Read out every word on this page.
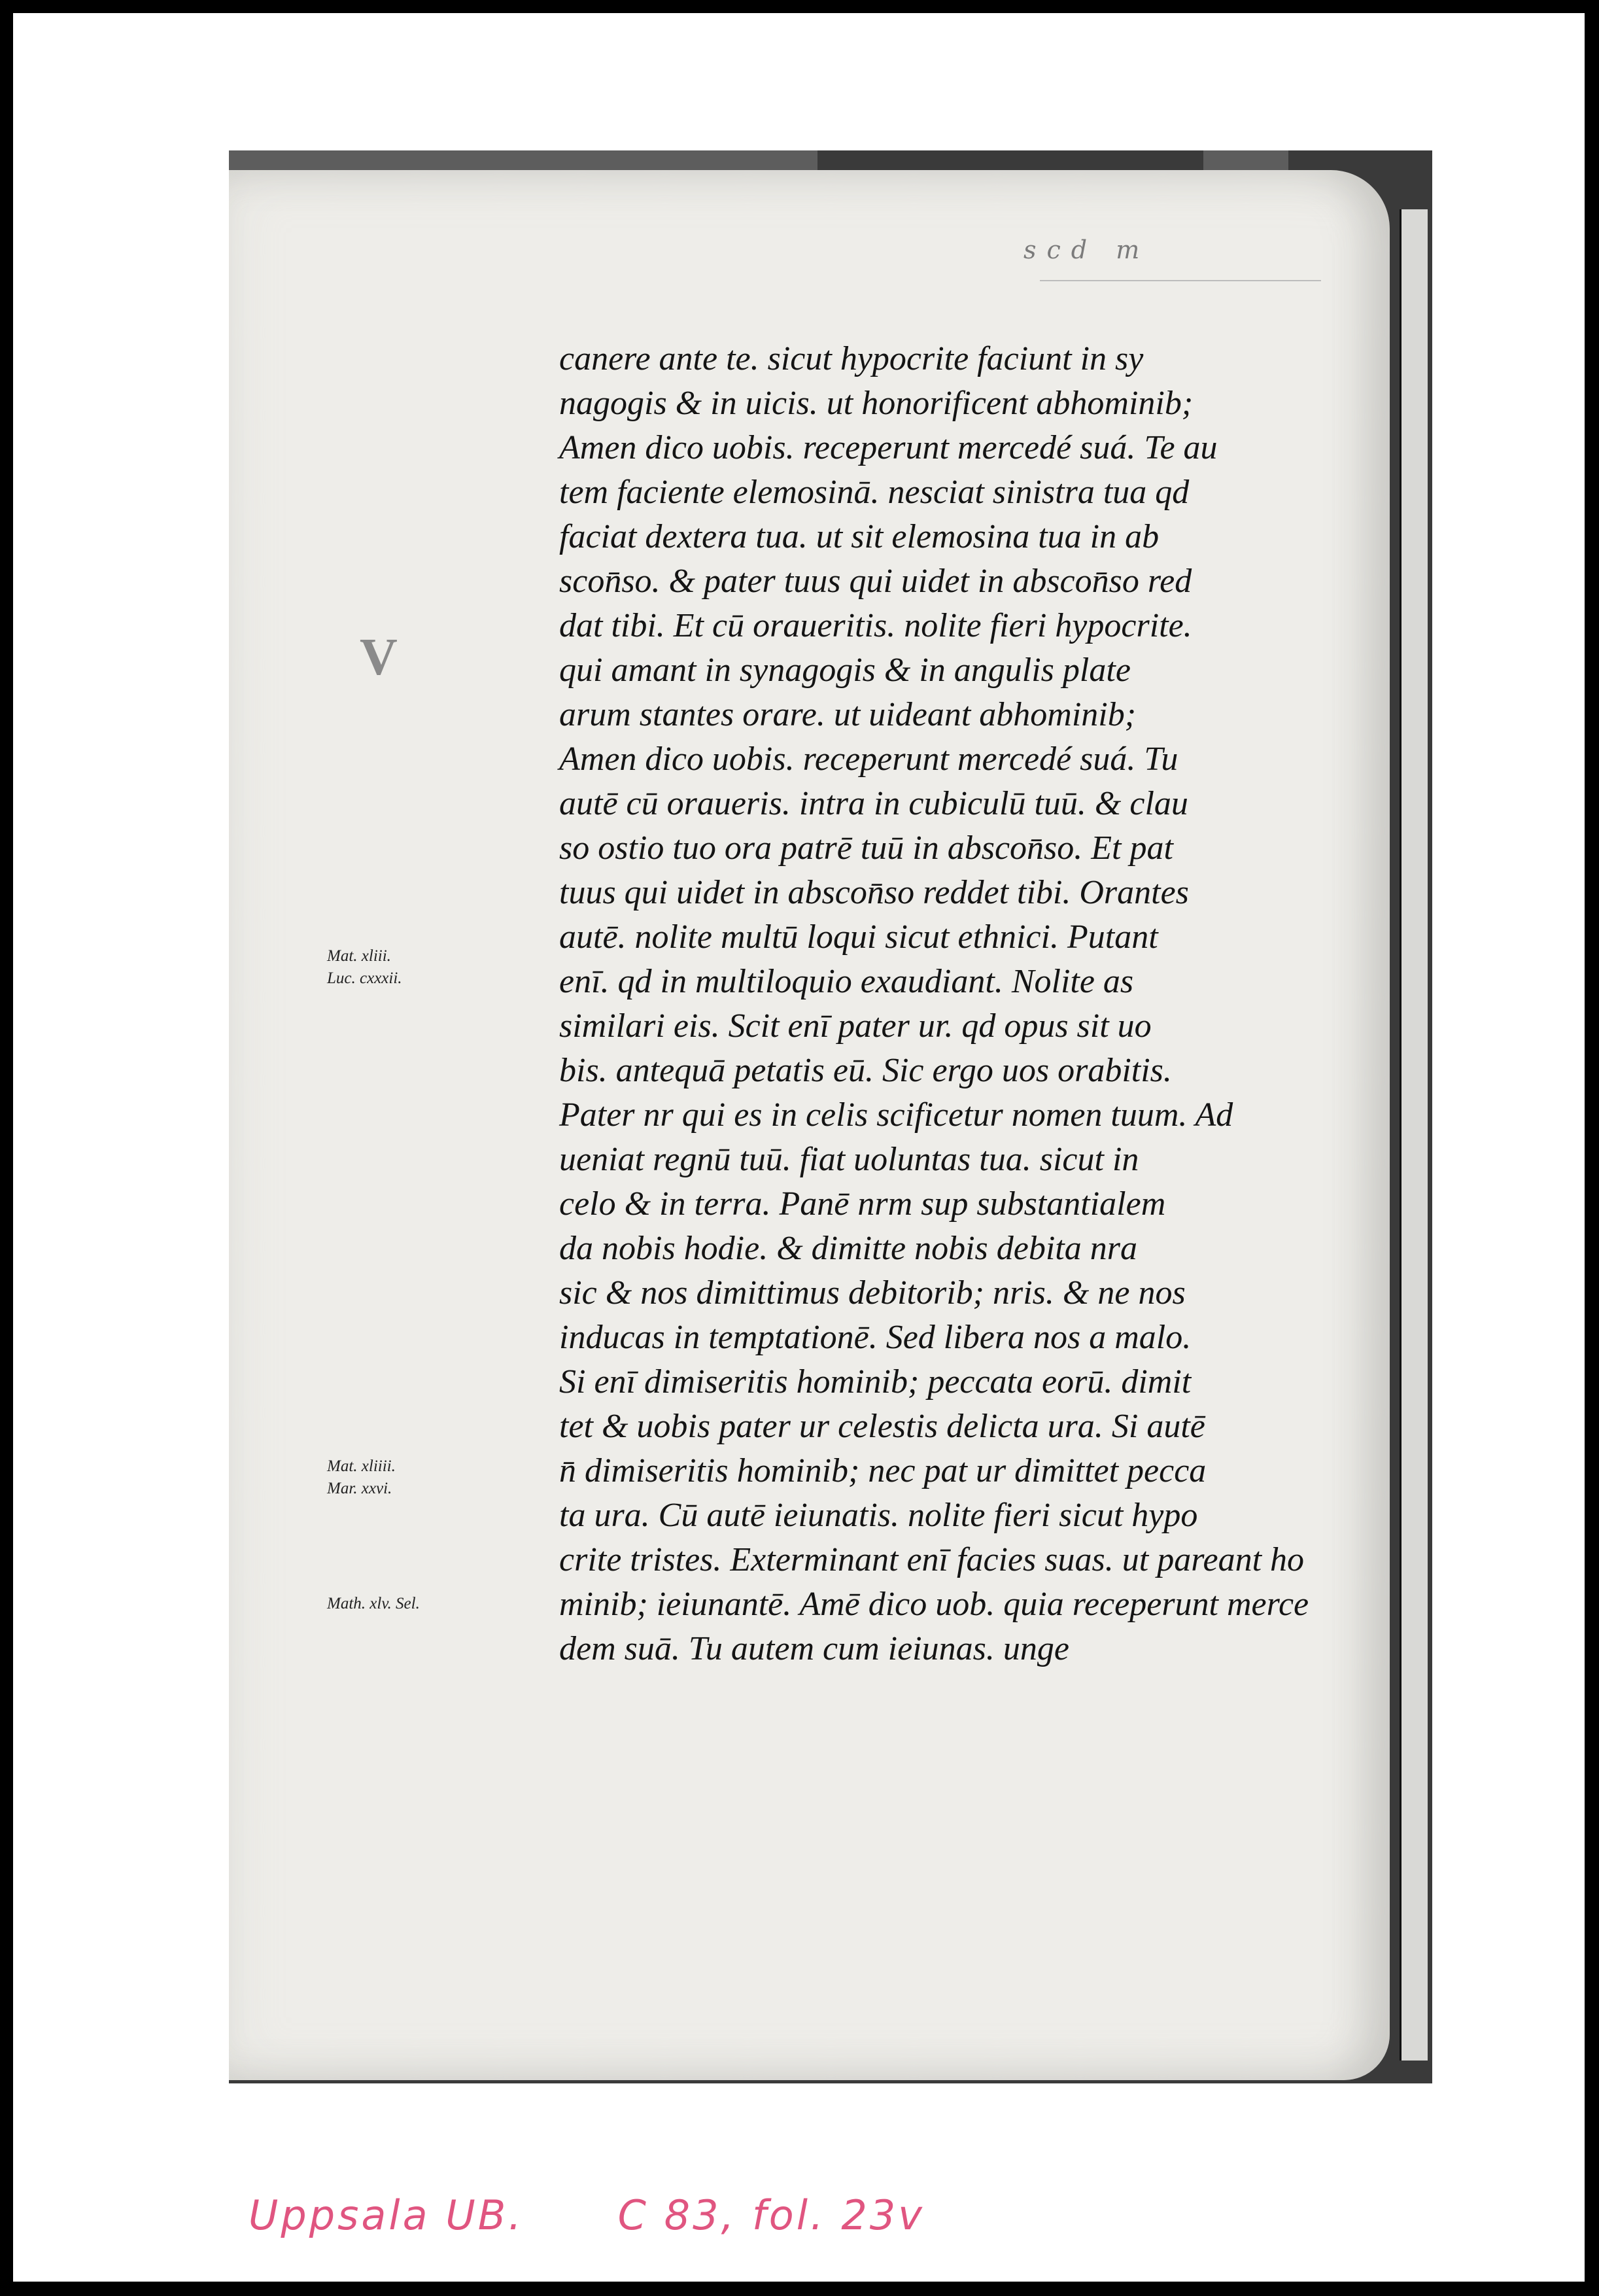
scd m
V
Mat. xliii.
Luc. cxxxii.
Mat. xliiii.
Mar. xxvi.
Math. xlv. Sel.
canere ante te. sicut hypocrite faciunt in sy
nagogis & in uicis. ut honorificent abhominib;
Amen dico uobis. receperunt mercedé suá. Te au
tem faciente elemosinā. nesciat sinistra tua qd
faciat dextera tua. ut sit elemosina tua in ab
scon̄so. & pater tuus qui uidet in abscon̄so red
dat tibi. Et cū oraueritis. nolite fieri hypocrite.
qui amant in synagogis & in angulis plate
arum stantes orare. ut uideant abhominib;
Amen dico uobis. receperunt mercedé suá. Tu
autē cū oraueris. intra in cubiculū tuū. & clau
so ostio tuo ora patrē tuū in abscon̄so. Et pat
tuus qui uidet in abscon̄so reddet tibi. Orantes
autē. nolite multū loqui sicut ethnici. Putant
enī. qd in multiloquio exaudiant. Nolite as
similari eis. Scit enī pater ur. qd opus sit uo
bis. antequā petatis eū. Sic ergo uos orabitis.
Pater nr qui es in celis scificetur nomen tuum. Ad
ueniat regnū tuū. fiat uoluntas tua. sicut in
celo & in terra. Panē nrm sup substantialem
da nobis hodie. & dimitte nobis debita nra
sic & nos dimittimus debitorib; nris. & ne nos
inducas in temptationē. Sed libera nos a malo.
Si enī dimiseritis hominib; peccata eorū. dimit
tet & uobis pater ur celestis delicta ura. Si autē
n̄ dimiseritis hominib; nec pat ur dimittet pecca
ta ura. Cū autē ieiunatis. nolite fieri sicut hypo
crite tristes. Exterminant enī facies suas. ut pareant ho
minib; ieiunantē. Amē dico uob. quia receperunt merce
dem suā. Tu autem cum ieiunas. unge
Uppsala UB. C 83, fol. 23v
